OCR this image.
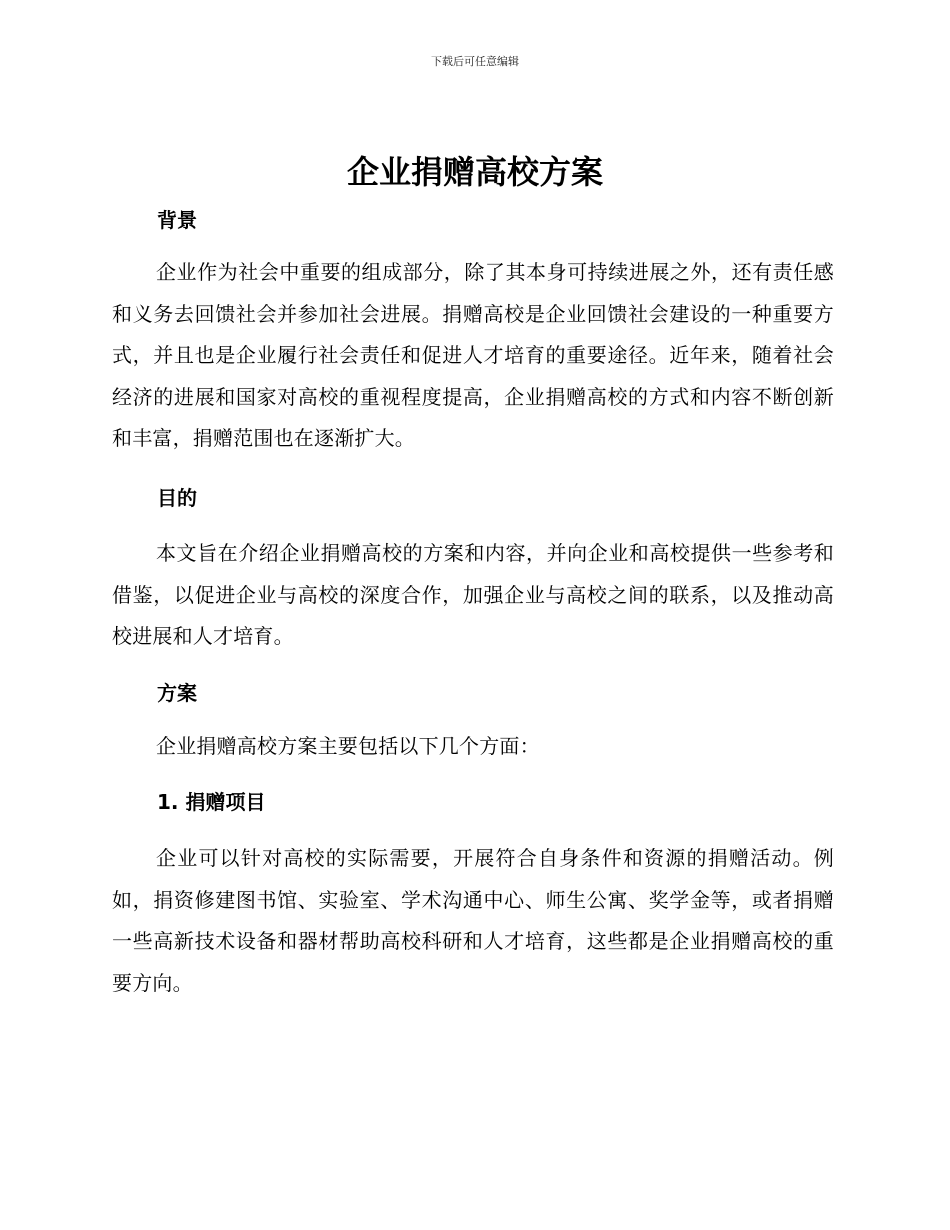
下载后可任意编辑
企业捐赠高校方案
背景

企业作为社会中重要的组成部分，除了其本身可持续进展之外，还有责任感和义务去回馈社会并参加社会进展。捐赠高校是企业回馈社会建设的一种重要方式，并且也是企业履行社会责任和促进人才培育的重要途径。近年来，随着社会经济的进展和国家对高校的重视程度提高，企业捐赠高校的方式和内容不断创新和丰富，捐赠范围也在逐渐扩大。

目的

本文旨在介绍企业捐赠高校的方案和内容，并向企业和高校提供一些参考和借鉴，以促进企业与高校的深度合作，加强企业与高校之间的联系，以及推动高校进展和人才培育。

方案

企业捐赠高校方案主要包括以下几个方面：

1. 捐赠项目

企业可以针对高校的实际需要，开展符合自身条件和资源的捐赠活动。例如，捐资修建图书馆、实验室、学术沟通中心、师生公寓、奖学金等，或者捐赠一些高新技术设备和器材帮助高校科研和人才培育，这些都是企业捐赠高校的重要方向。
